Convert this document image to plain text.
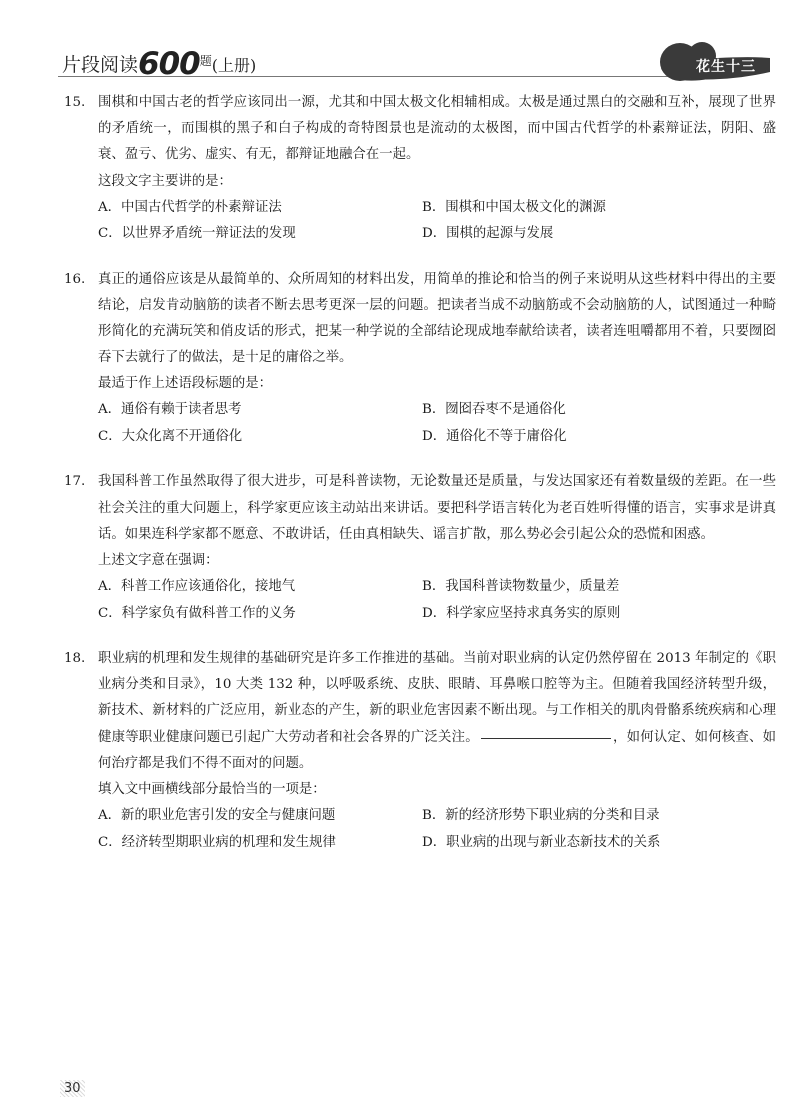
片段阅读$600^题$(上册)	花生十三
15. 围棋和中国古老的哲学应该同出一源，尤其和中国太极文化相辅相成。太极是通过黑白的交融和互补，展现了世界的矛盾统一，而围棋的黑子和白子构成的奇特图景也是流动的太极图，而中国古代哲学的朴素辩证法，阴阳、盛衰、盈亏、优劣、虚实、有无，都辩证地融合在一起。
这段文字主要讲的是：
A．中国古代哲学的朴素辩证法	B．围棋和中国太极文化的渊源
C．以世界矛盾统一辩证法的发现	D．围棋的起源与发展
16. 真正的通俗应该是从最简单的、众所周知的材料出发，用简单的推论和恰当的例子来说明从这些材料中得出的主要结论，启发肯动脑筋的读者不断去思考更深一层的问题。把读者当成不动脑筋或不会动脑筋的人，试图通过一种畸形简化的充满玩笑和俏皮话的形式，把某一种学说的全部结论现成地奉献给读者，读者连咀嚼都用不着，只要囫囵吞下去就行了的做法，是十足的庸俗之举。
最适于作上述语段标题的是：
A．通俗有赖于读者思考	B．囫囵吞枣不是通俗化
C．大众化离不开通俗化	D．通俗化不等于庸俗化
17. 我国科普工作虽然取得了很大进步，可是科普读物，无论数量还是质量，与发达国家还有着数量级的差距。在一些社会关注的重大问题上，科学家更应该主动站出来讲话。要把科学语言转化为老百姓听得懂的语言，实事求是讲真话。如果连科学家都不愿意、不敢讲话，任由真相缺失、谣言扩散，那么势必会引起公众的恐慌和困惑。
上述文字意在强调：
A．科普工作应该通俗化，接地气	B．我国科普读物数量少，质量差
C．科学家负有做科普工作的义务	D．科学家应坚持求真务实的原则
18. 职业病的机理和发生规律的基础研究是许多工作推进的基础。当前对职业病的认定仍然停留在 2013 年制定的《职业病分类和目录》，10 大类 132 种，以呼吸系统、皮肤、眼睛、耳鼻喉口腔等为主。但随着我国经济转型升级，新技术、新材料的广泛应用，新业态的产生，新的职业危害因素不断出现。与工作相关的肌肉骨骼系统疾病和心理健康等职业健康问题已引起广大劳动者和社会各界的广泛关注。	，如何认定、如何核查、如何治疗都是我们不得不面对的问题。
填入文中画横线部分最恰当的一项是：
A．新的职业危害引发的安全与健康问题	B．新的经济形势下职业病的分类和目录
C．经济转型期职业病的机理和发生规律	D．职业病的出现与新业态新技术的关系
30
